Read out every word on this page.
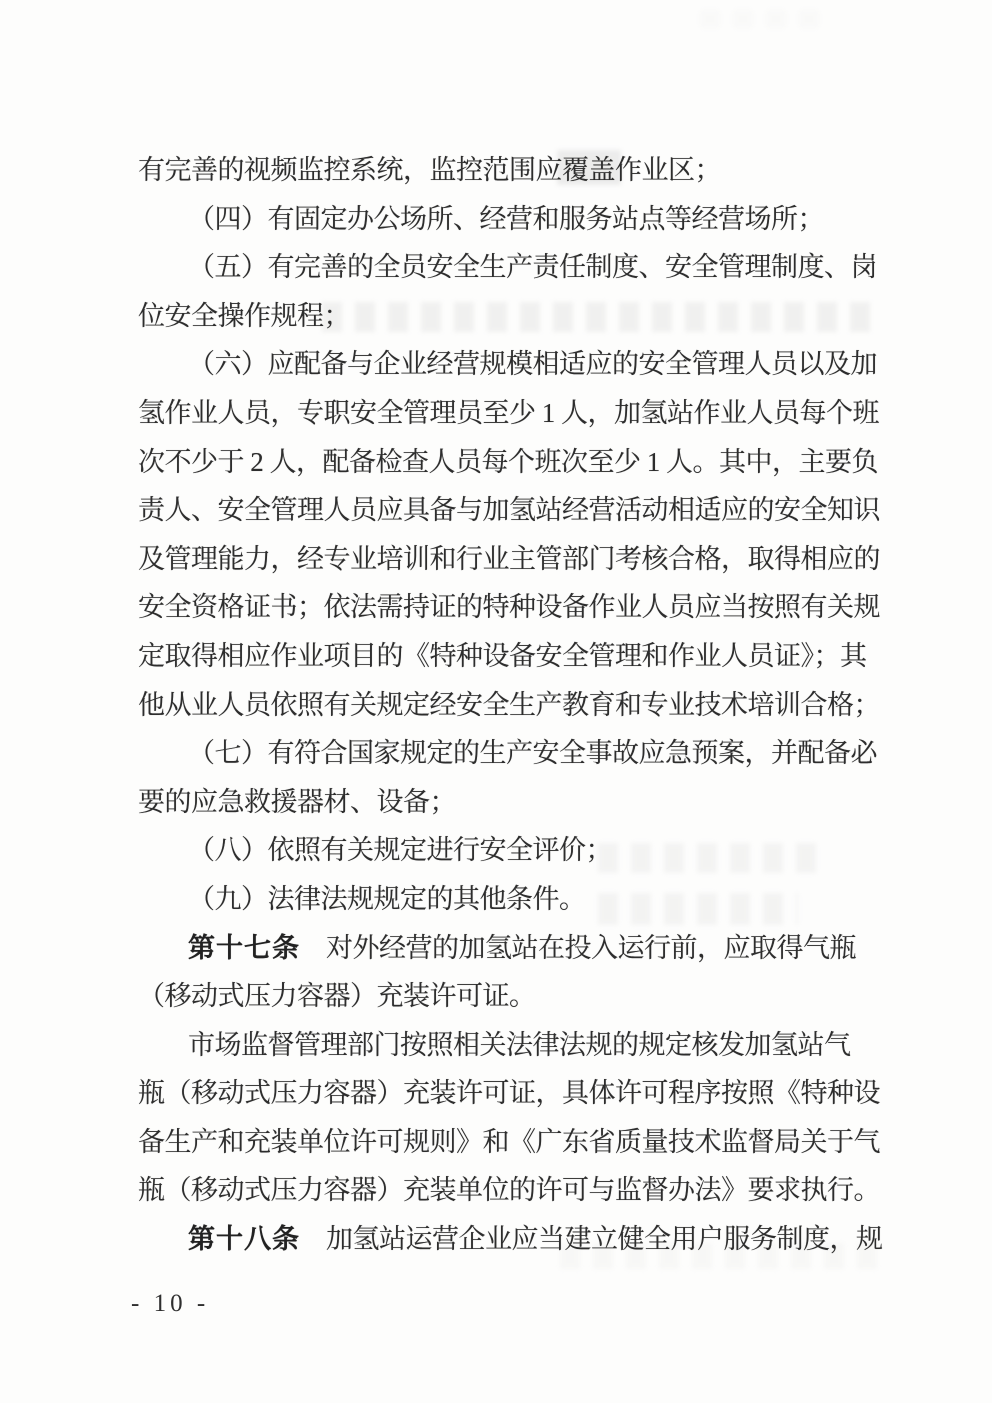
有完善的视频监控系统，监控范围应覆盖作业区；
（四）有固定办公场所、经营和服务站点等经营场所；
（五）有完善的全员安全生产责任制度、安全管理制度、岗
位安全操作规程；
（六）应配备与企业经营规模相适应的安全管理人员以及加
氢作业人员，专职安全管理员至少 1 人，加氢站作业人员每个班
次不少于 2 人，配备检查人员每个班次至少 1 人。其中，主要负
责人、安全管理人员应具备与加氢站经营活动相适应的安全知识
及管理能力，经专业培训和行业主管部门考核合格，取得相应的
安全资格证书；依法需持证的特种设备作业人员应当按照有关规
定取得相应作业项目的《特种设备安全管理和作业人员证》；其
他从业人员依照有关规定经安全生产教育和专业技术培训合格；
（七）有符合国家规定的生产安全事故应急预案，并配备必
要的应急救援器材、设备；
（八）依照有关规定进行安全评价；
（九）法律法规规定的其他条件。
第十七条 对外经营的加氢站在投入运行前，应取得气瓶
（移动式压力容器）充装许可证。
市场监督管理部门按照相关法律法规的规定核发加氢站气
瓶（移动式压力容器）充装许可证，具体许可程序按照《特种设
备生产和充装单位许可规则》和《广东省质量技术监督局关于气
瓶（移动式压力容器）充装单位的许可与监督办法》要求执行。
第十八条 加氢站运营企业应当建立健全用户服务制度，规
- 10 -
